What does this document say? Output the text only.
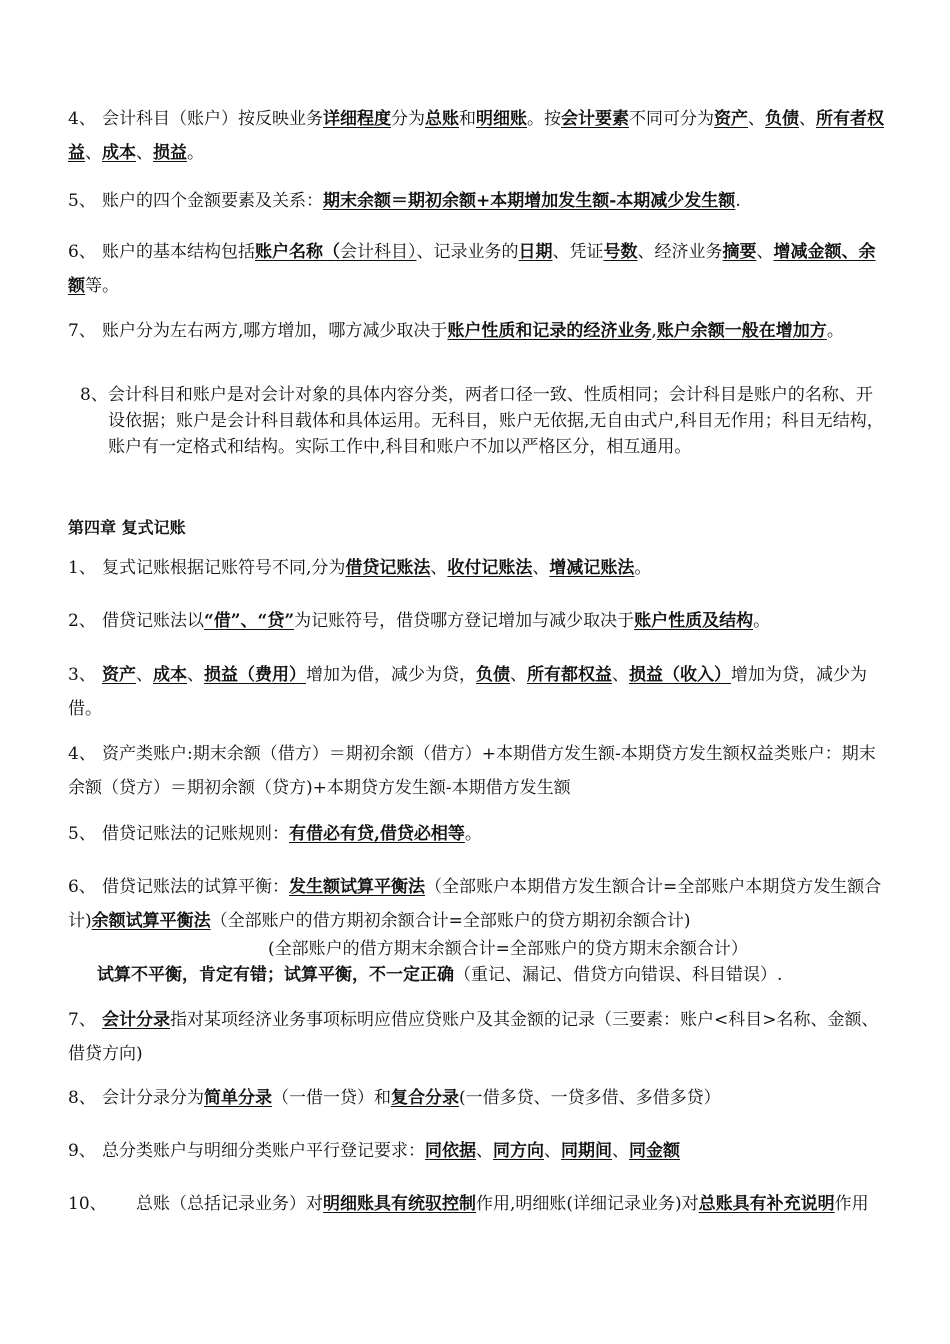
4、 会计科目（账户）按反映业务详细程度分为总账和明细账。按会计要素不同可分为资产、负债、所有者权益、成本、损益。
5、 账户的四个金额要素及关系：期末余额＝期初余额+本期增加发生额-本期减少发生额.
6、 账户的基本结构包括账户名称（会计科目）、记录业务的日期、凭证号数、经济业务摘要、增减金额、余额等。
7、 账户分为左右两方,哪方增加，哪方减少取决于账户性质和记录的经济业务,账户余额一般在增加方。
8、会计科目和账户是对会计对象的具体内容分类，两者口径一致、性质相同；会计科目是账户的名称、开设依据；账户是会计科目载体和具体运用。无科目，账户无依据,无自由式户,科目无作用；科目无结构，账户有一定格式和结构。实际工作中,科目和账户不加以严格区分，相互通用。
第四章 复式记账
1、 复式记账根据记账符号不同,分为借贷记账法、收付记账法、增减记账法。
2、 借贷记账法以“借”、“贷”为记账符号，借贷哪方登记增加与减少取决于账户性质及结构。
3、 资产、成本、损益（费用）增加为借，减少为贷，负债、所有都权益、损益（收入）增加为贷，减少为借。
4、 资产类账户:期末余额（借方）＝期初余额（借方）+本期借方发生额-本期贷方发生额权益类账户：期末余额（贷方）＝期初余额（贷方)+本期贷方发生额-本期借方发生额
5、 借贷记账法的记账规则：有借必有贷,借贷必相等。
6、 借贷记账法的试算平衡：发生额试算平衡法（全部账户本期借方发生额合计=全部账户本期贷方发生额合计)余额试算平衡法（全部账户的借方期初余额合计=全部账户的贷方期初余额合计)
(全部账户的借方期末余额合计=全部账户的贷方期末余额合计）
试算不平衡，肯定有错；试算平衡，不一定正确（重记、漏记、借贷方向错误、科目错误）.
7、 会计分录指对某项经济业务事项标明应借应贷账户及其金额的记录（三要素：账户<科目>名称、金额、借贷方向)
8、 会计分录分为简单分录（一借一贷）和复合分录(一借多贷、一贷多借、多借多贷）
9、 总分类账户与明细分类账户平行登记要求：同依据、同方向、同期间、同金额
10、 总账（总括记录业务）对明细账具有统驭控制作用,明细账(详细记录业务)对总账具有补充说明作用
